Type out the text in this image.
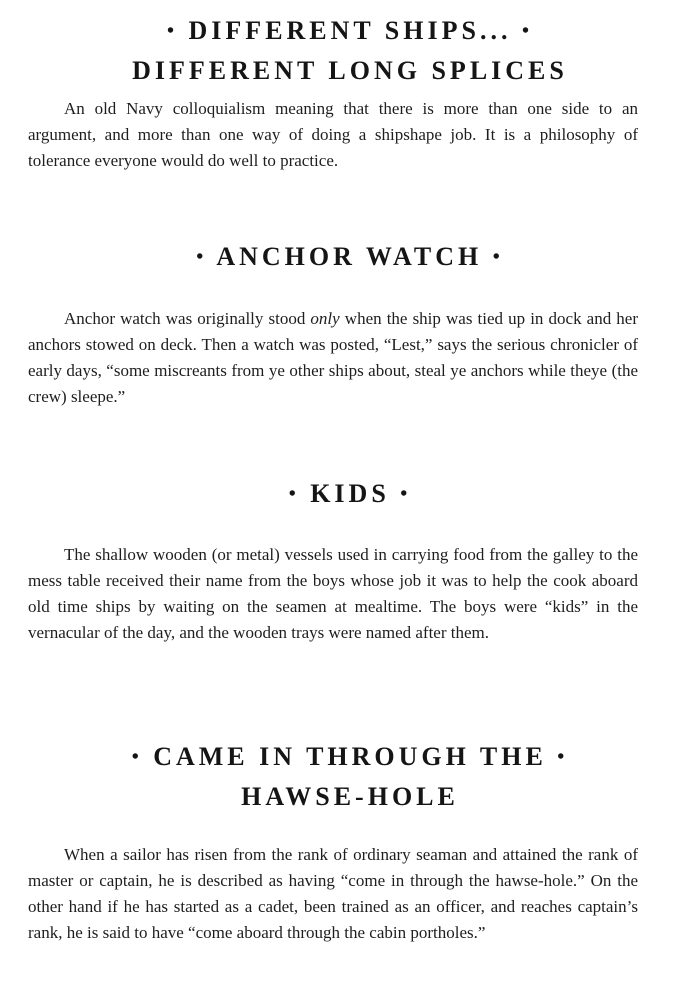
• DIFFERENT SHIPS... •

DIFFERENT LONG SPLICES

An old Navy colloquialism meaning that there is more than one side to an argument, and more than one way of doing a shipshape job. It is a philosophy of tolerance everyone would do well to practice.

• ANCHOR WATCH •

Anchor watch was originally stood only when the ship was tied up in dock and her anchors stowed on deck. Then a watch was posted, “Lest,” says the serious chronicler of early days, “some miscreants from ye other ships about, steal ye anchors while theye (the crew) sleepe.”

• KIDS •

The shallow wooden (or metal) vessels used in carrying food from the galley to the mess table received their name from the boys whose job it was to help the cook aboard old time ships by waiting on the seamen at mealtime. The boys were “kids” in the vernacular of the day, and the wooden trays were named after them.

• CAME IN THROUGH THE •

HAWSE-HOLE

When a sailor has risen from the rank of ordinary seaman and attained the rank of master or captain, he is described as having “come in through the hawse-hole.” On the other hand if he has started as a cadet, been trained as an officer, and reaches captain’s rank, he is said to have “come aboard through the cabin portholes.”
